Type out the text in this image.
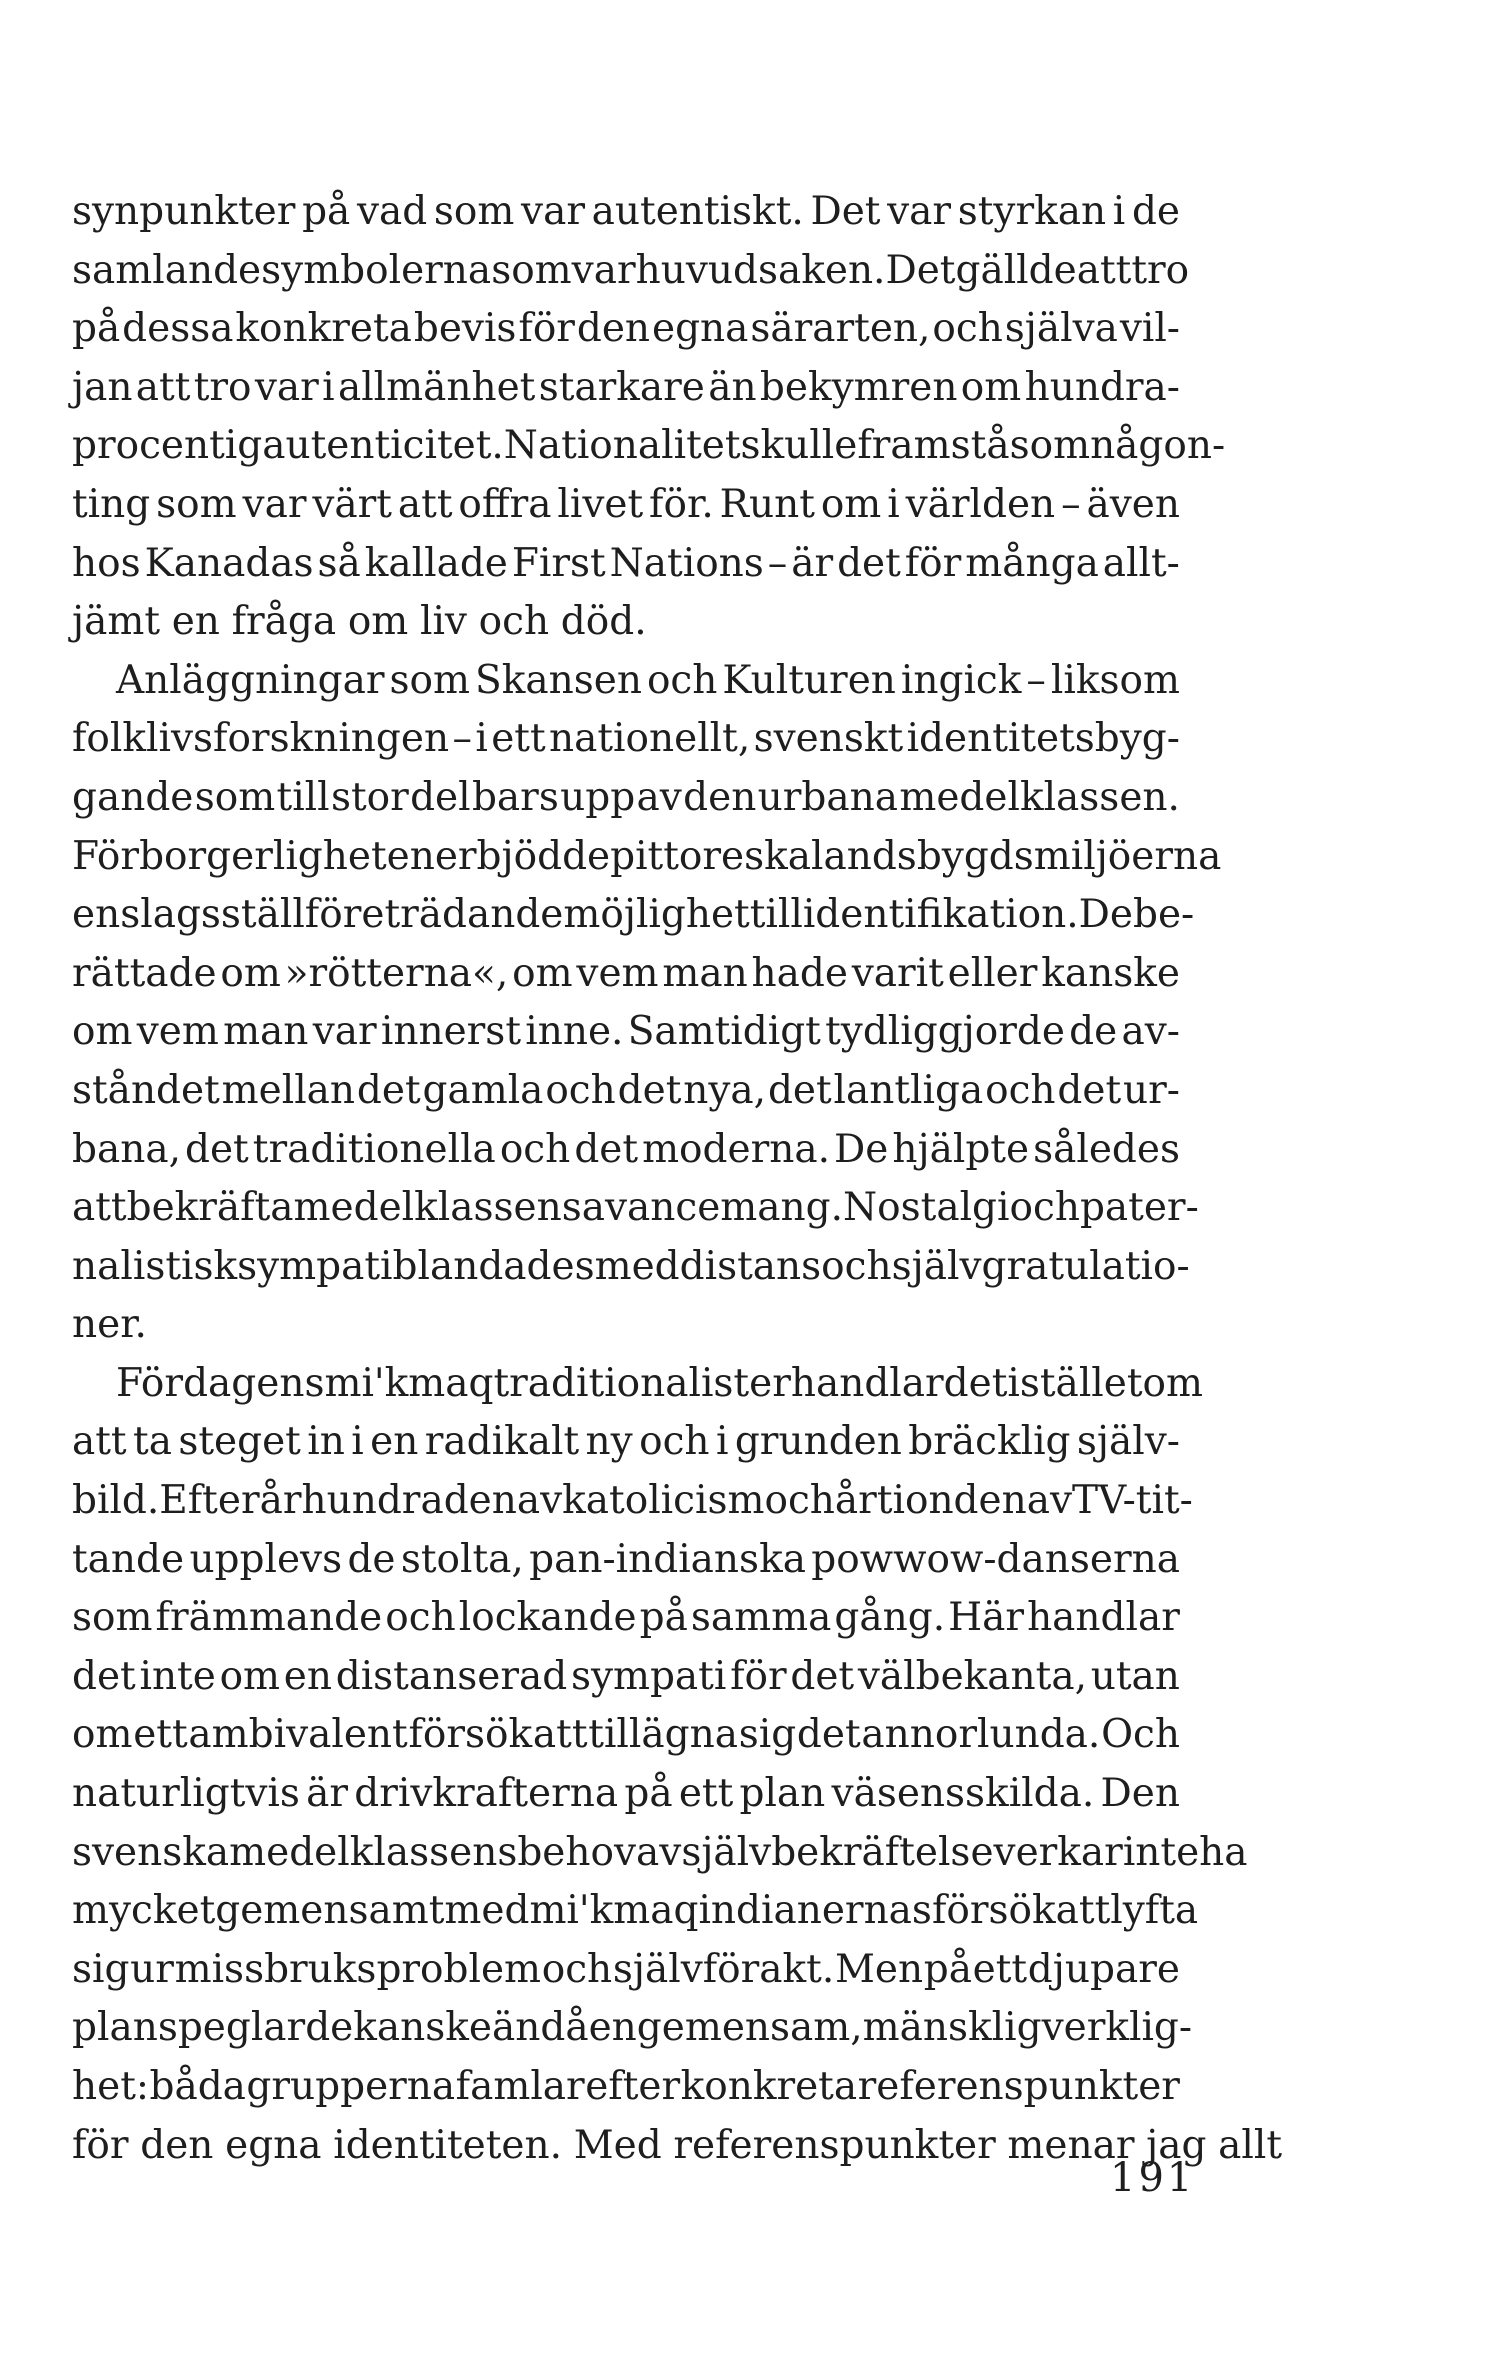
synpunkter på vad som var autentiskt. Det var styrkan i de
samlande symbolerna som var huvudsaken. Det gällde att tro
på dessa konkreta bevis för den egna särarten, och själva vil-
jan att tro var i allmänhet starkare än bekymren om hundra-
procentig autenticitet. Nationalitet skulle framstå som någon-
ting som var värt att offra livet för. Runt om i världen – även
hos Kanadas så kallade First Nations – är det för många allt-
jämt en fråga om liv och död.
Anläggningar som Skansen och Kulturen ingick – liksom
folklivsforskningen – i ett nationellt, svenskt identitetsbyg-
gande som till stor del bars upp av den urbana medelklassen.
För borgerligheten erbjöd de pittoreska landsbygdsmiljöerna
en slags ställföreträdande möjlighet till identifikation. De be-
rättade om »rötterna«, om vem man hade varit eller kanske
om vem man var innerst inne. Samtidigt tydliggjorde de av-
ståndet mellan det gamla och det nya, det lantliga och det ur-
bana, det traditionella och det moderna. De hjälpte således
att bekräfta medelklassens avancemang. Nostalgi och pater-
nalistisk sympati blandades med distans och självgratulatio-
ner.
För dagens mi'kmaqtraditionalister handlar det i stället om
att ta steget in i en radikalt ny och i grunden bräcklig själv-
bild. Efter århundraden av katolicism och årtionden av TV-tit-
tande upplevs de stolta, pan-indianska powwow-danserna
som främmande och lockande på samma gång. Här handlar
det inte om en distanserad sympati för det välbekanta, utan
om ett ambivalent försök att tillägna sig det annorlunda. Och
naturligtvis är drivkrafterna på ett plan väsensskilda. Den
svenska medelklassens behov av självbekräftelse verkar inte ha
mycket gemensamt med mi'kmaqindianernas försök att lyfta
sig ur missbruksproblem och självförakt. Men på ett djupare
plan speglar de kanske ändå en gemensam, mänsklig verklig-
het: båda grupperna famlar efter konkreta referenspunkter
för den egna identiteten. Med referenspunkter menar jag allt
191
